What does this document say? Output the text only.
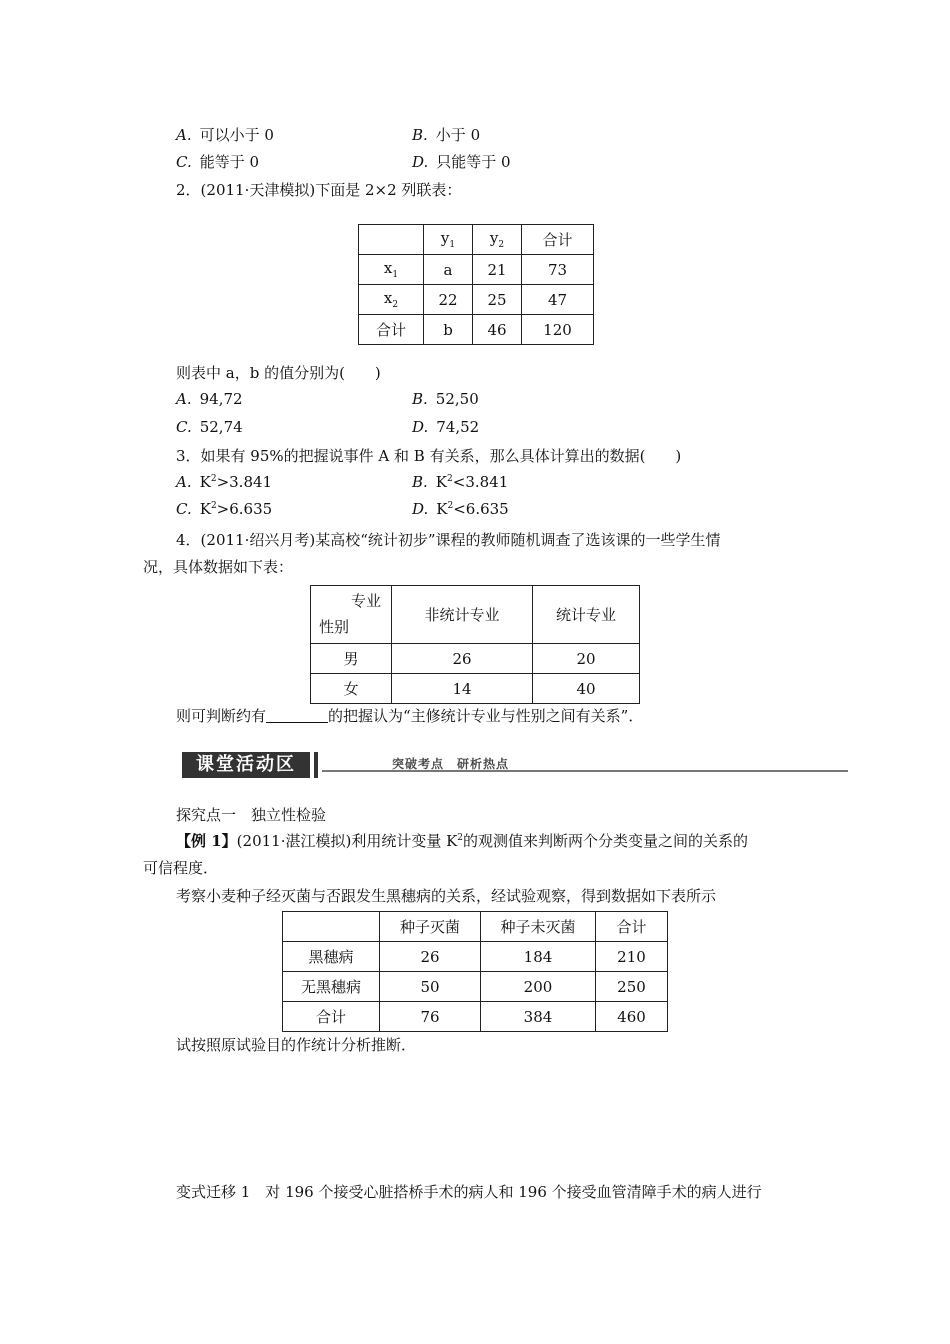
A. 可以小于 0	B. 小于 0
C. 能等于 0	D. 只能等于 0
2．(2011·天津模拟)下面是 2×2 列联表：
	$y_1$	$y_2$	合计
$x_1$	a	21	73
$x_2$	22	25	47
合计	b	46	120
则表中 a，b 的值分别为(　　)
A. 94,72	B. 52,50
C. 52,74	D. 74,52
3．如果有 95%的把握说事件 A 和 B 有关系，那么具体计算出的数据(　　)
A. $K^2>3.841$	B. $K^2<3.841$
C. $K^2>6.635$	D. $K^2<6.635$
4．(2011·绍兴月考)某高校“统计初步”课程的教师随机调查了选该课的一些学生情
况，具体数据如下表：
专业
性别	非统计专业	统计专业
男	26	20
女	14	40
则可判断约有	的把握认为“主修统计专业与性别之间有关系”．
课堂活动区	突破考点　研析热点
探究点一　独立性检验
【例 1】(2011·湛江模拟)利用统计变量 $K^2$的观测值来判断两个分类变量之间的关系的
可信程度．
考察小麦种子经灭菌与否跟发生黑穗病的关系，经试验观察，得到数据如下表所示
	种子灭菌	种子未灭菌	合计
黑穗病	26	184	210
无黑穗病	50	200	250
合计	76	384	460
试按照原试验目的作统计分析推断．
变式迁移 1　对 196 个接受心脏搭桥手术的病人和 196 个接受血管清障手术的病人进行
